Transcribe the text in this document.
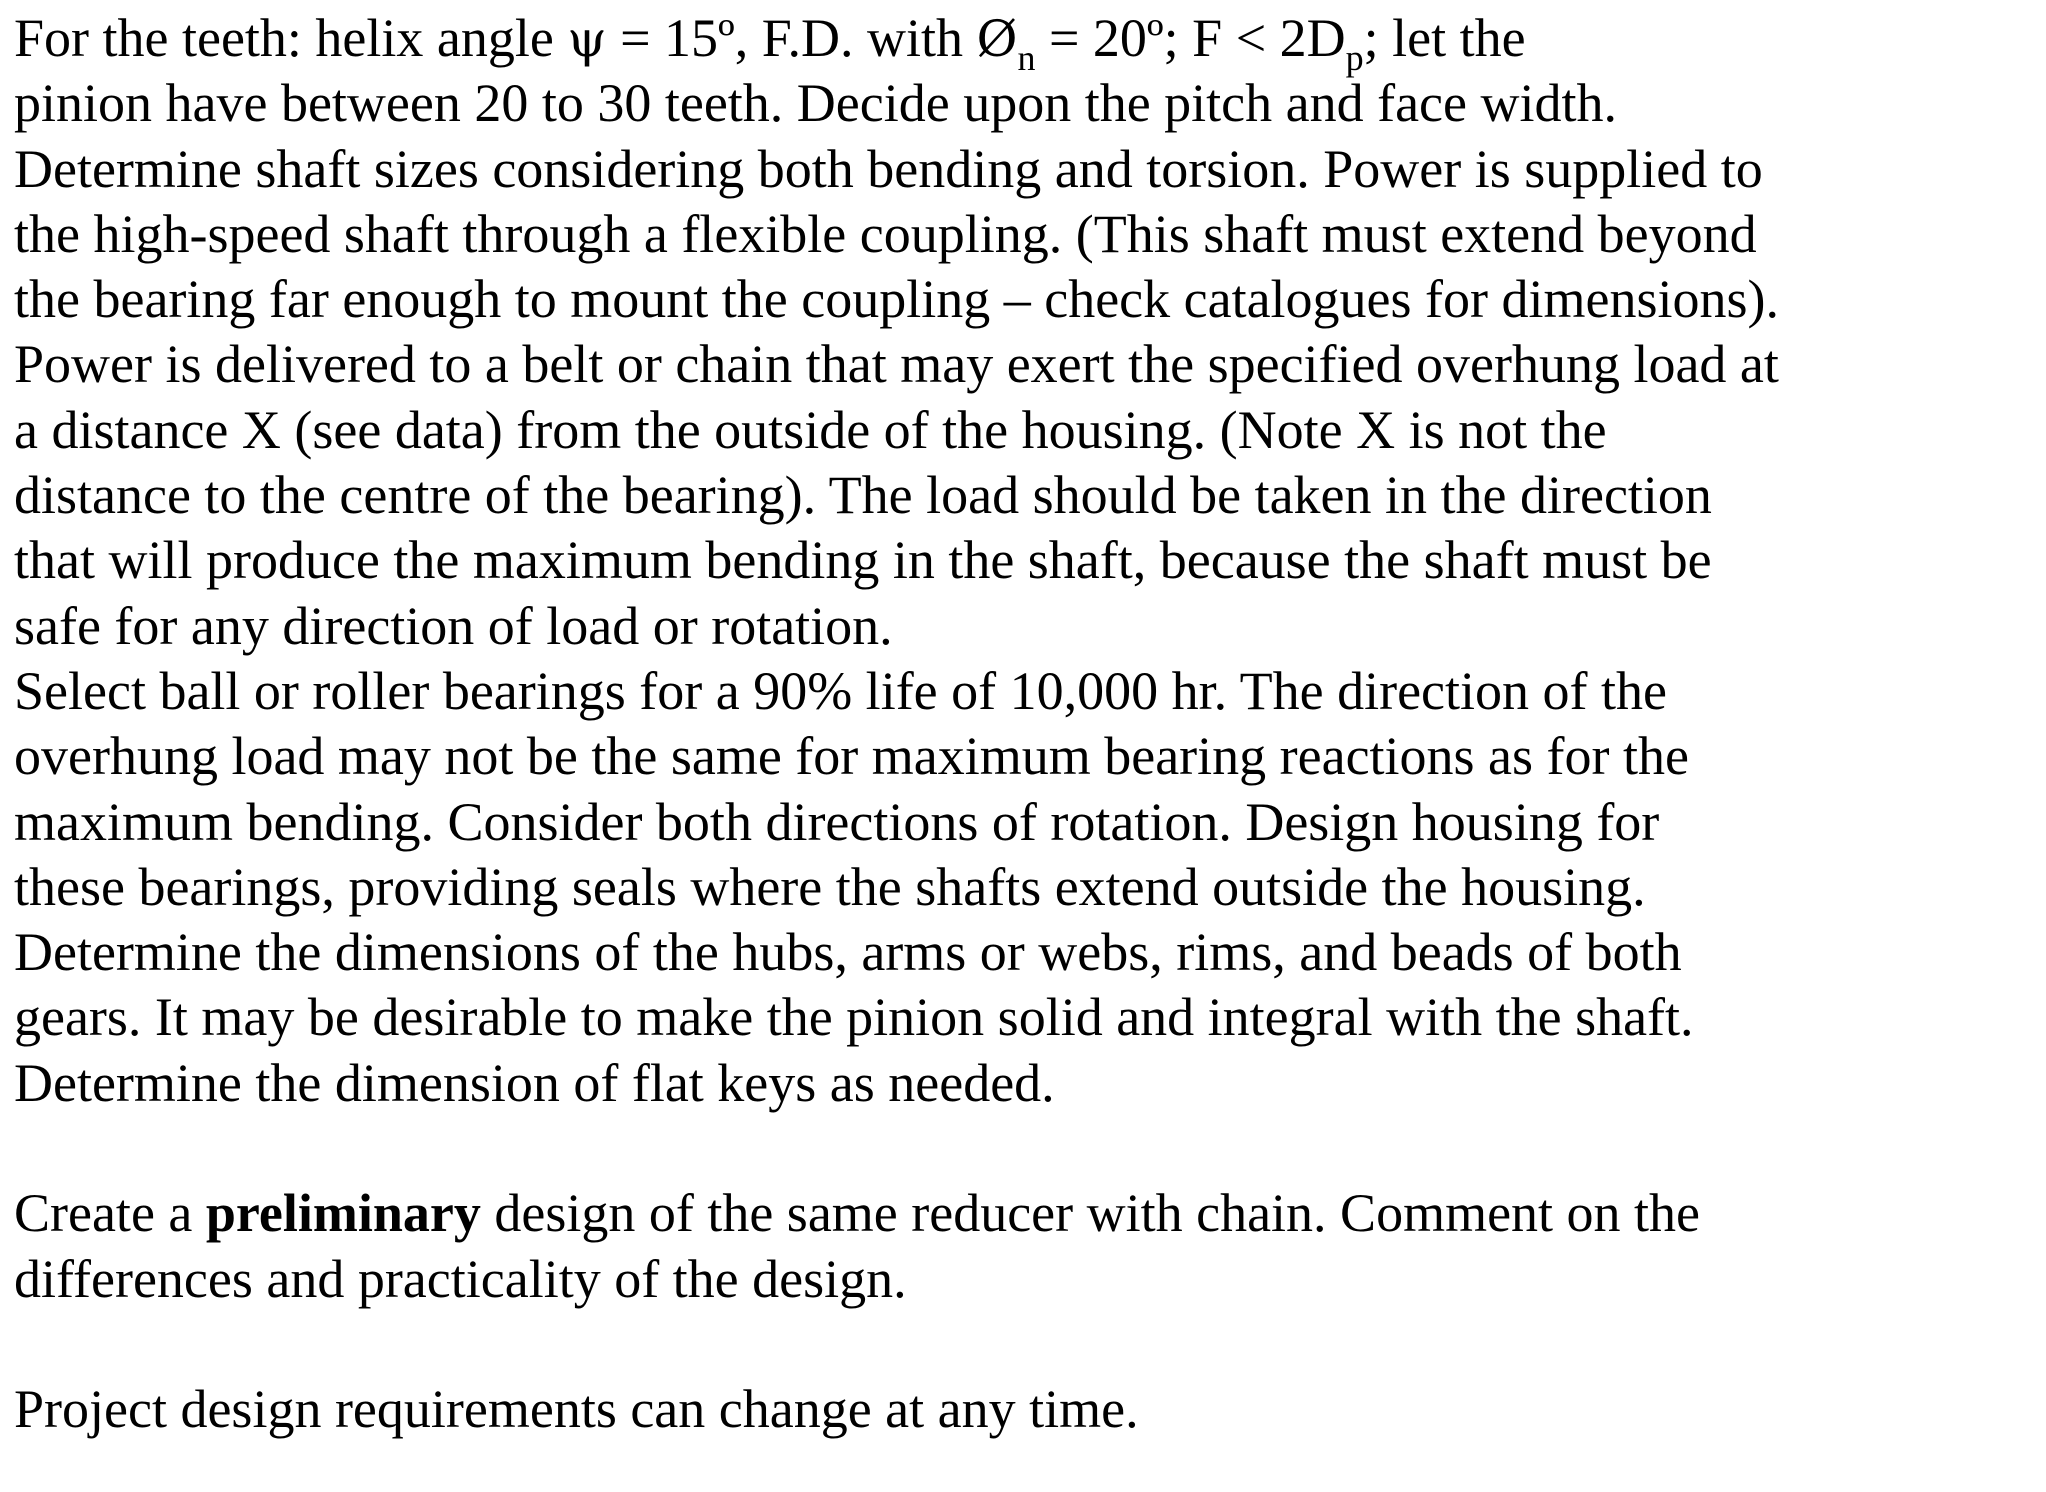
For the teeth: helix angle ψ = 15º, F.D. with $Ø_n$ = 20º; $F < 2D_p$; let the
pinion have between 20 to 30 teeth. Decide upon the pitch and face width.
Determine shaft sizes considering both bending and torsion. Power is supplied to
the high-speed shaft through a flexible coupling. (This shaft must extend beyond
the bearing far enough to mount the coupling – check catalogues for dimensions).
Power is delivered to a belt or chain that may exert the specified overhung load at
a distance X (see data) from the outside of the housing. (Note X is not the
distance to the centre of the bearing). The load should be taken in the direction
that will produce the maximum bending in the shaft, because the shaft must be
safe for any direction of load or rotation.
Select ball or roller bearings for a 90% life of 10,000 hr. The direction of the
overhung load may not be the same for maximum bearing reactions as for the
maximum bending. Consider both directions of rotation. Design housing for
these bearings, providing seals where the shafts extend outside the housing.
Determine the dimensions of the hubs, arms or webs, rims, and beads of both
gears. It may be desirable to make the pinion solid and integral with the shaft.
Determine the dimension of flat keys as needed.
Create a preliminary design of the same reducer with chain. Comment on the
differences and practicality of the design.
Project design requirements can change at any time.
